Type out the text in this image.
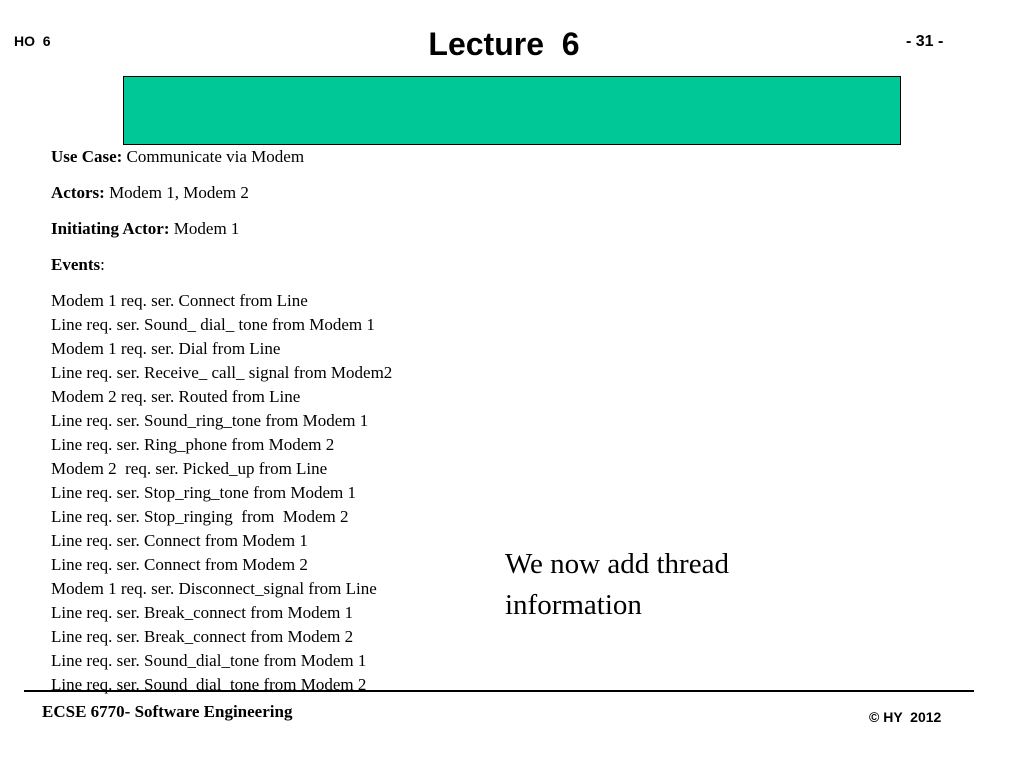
HO  6	Lecture  6	- 31 -

Use Case: Communicate via Modem

Actors: Modem 1, Modem 2

Initiating Actor: Modem 1

Events:

Modem 1 req. ser. Connect from Line
Line req. ser. Sound_ dial_ tone from Modem 1
Modem 1 req. ser. Dial from Line
Line req. ser. Receive_ call_ signal from Modem2
Modem 2 req. ser. Routed from Line
Line req. ser. Sound_ring_tone from Modem 1
Line req. ser. Ring_phone from Modem 2
Modem 2  req. ser. Picked_up from Line
Line req. ser. Stop_ring_tone from Modem 1
Line req. ser. Stop_ringing  from  Modem 2
Line req. ser. Connect from Modem 1
Line req. ser. Connect from Modem 2
Modem 1 req. ser. Disconnect_signal from Line
Line req. ser. Break_connect from Modem 1
Line req. ser. Break_connect from Modem 2
Line req. ser. Sound_dial_tone from Modem 1
Line req. ser. Sound_dial_tone from Modem 2
We now add thread information
ECSE 6770- Software Engineering	© HY  2012
